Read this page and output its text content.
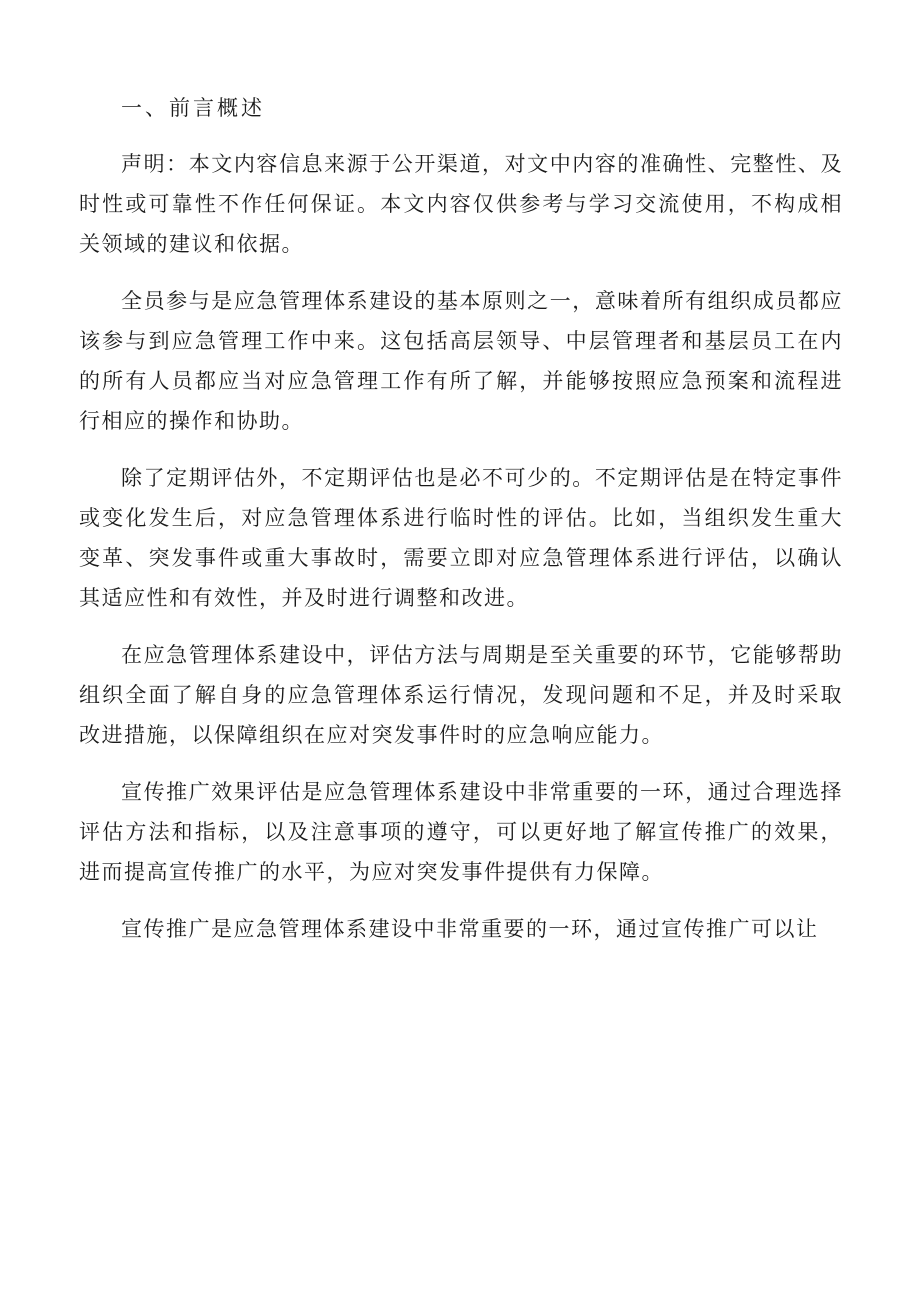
一、前言概述

声明：本文内容信息来源于公开渠道，对文中内容的准确性、完整性、及时性或可靠性不作任何保证。本文内容仅供参考与学习交流使用，不构成相关领域的建议和依据。

全员参与是应急管理体系建设的基本原则之一，意味着所有组织成员都应该参与到应急管理工作中来。这包括高层领导、中层管理者和基层员工在内的所有人员都应当对应急管理工作有所了解，并能够按照应急预案和流程进行相应的操作和协助。

除了定期评估外，不定期评估也是必不可少的。不定期评估是在特定事件或变化发生后，对应急管理体系进行临时性的评估。比如，当组织发生重大变革、突发事件或重大事故时，需要立即对应急管理体系进行评估，以确认其适应性和有效性，并及时进行调整和改进。

在应急管理体系建设中，评估方法与周期是至关重要的环节，它能够帮助组织全面了解自身的应急管理体系运行情况，发现问题和不足，并及时采取改进措施，以保障组织在应对突发事件时的应急响应能力。

宣传推广效果评估是应急管理体系建设中非常重要的一环，通过合理选择评估方法和指标，以及注意事项的遵守，可以更好地了解宣传推广的效果，进而提高宣传推广的水平，为应对突发事件提供有力保障。

宣传推广是应急管理体系建设中非常重要的一环，通过宣传推广可以让
